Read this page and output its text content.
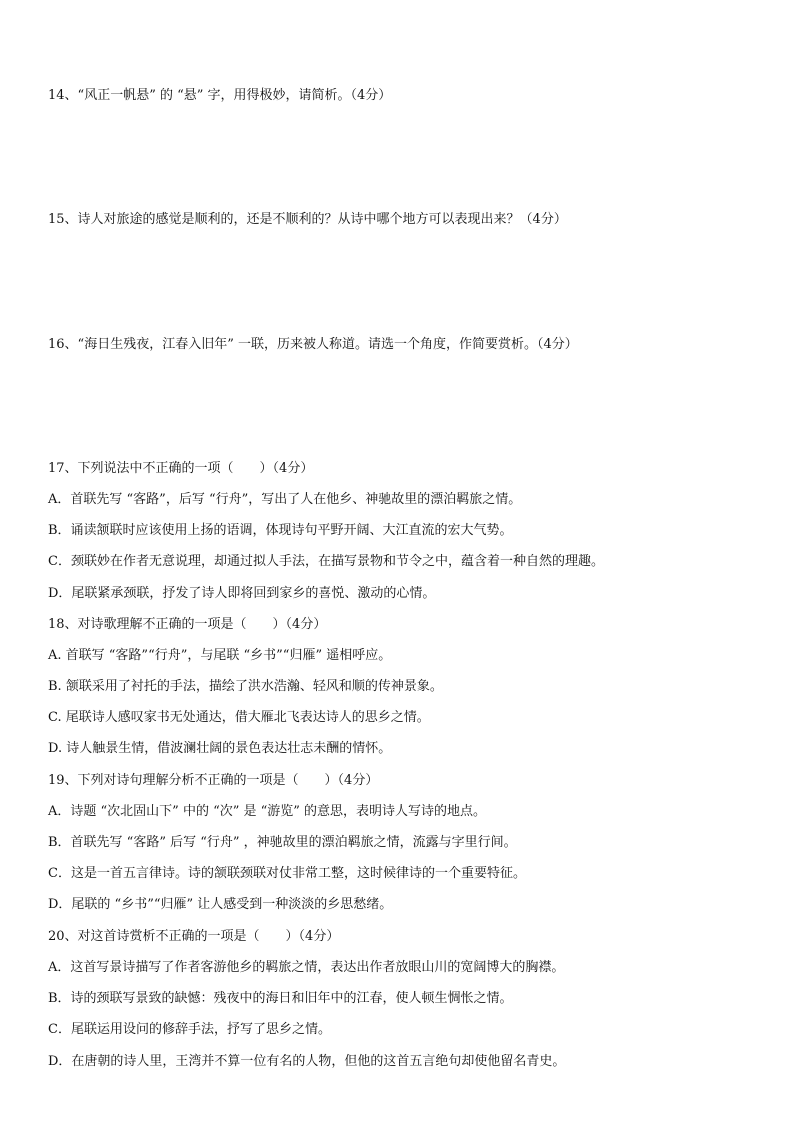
14、“风正一帆悬” 的 “悬” 字，用得极妙，请简析。（4分）
15、诗人对旅途的感觉是顺利的，还是不顺利的？从诗中哪个地方可以表现出来？（4分）
16、“海日生残夜，江春入旧年” 一联，历来被人称道。请选一个角度，作简要赏析。（4分）
17、下列说法中不正确的一项（　　）（4分）
A．首联先写 “客路”，后写 “行舟”，写出了人在他乡、神驰故里的漂泊羁旅之情。
B．诵读颔联时应该使用上扬的语调，体现诗句平野开阔、大江直流的宏大气势。
C．颈联妙在作者无意说理，却通过拟人手法，在描写景物和节令之中，蕴含着一种自然的理趣。
D．尾联紧承颈联，抒发了诗人即将回到家乡的喜悦、激动的心情。
18、对诗歌理解不正确的一项是（　　）（4分）
A. 首联写 “客路”“行舟”，与尾联 “乡书”“归雁” 遥相呼应。
B. 颔联采用了衬托的手法，描绘了洪水浩瀚、轻风和顺的传神景象。
C. 尾联诗人感叹家书无处通达，借大雁北飞表达诗人的思乡之情。
D. 诗人触景生情，借波澜壮阔的景色表达壮志未酬的情怀。
19、下列对诗句理解分析不正确的一项是（　　）（4分）
A．诗题 “次北固山下” 中的 “次” 是 “游览” 的意思，表明诗人写诗的地点。
B．首联先写 “客路” 后写 “行舟” ，神驰故里的漂泊羁旅之情，流露与字里行间。
C．这是一首五言律诗。诗的颔联颈联对仗非常工整，这时候律诗的一个重要特征。
D．尾联的 “乡书”“归雁” 让人感受到一种淡淡的乡思愁绪。
20、对这首诗赏析不正确的一项是（　　）（4分）
A．这首写景诗描写了作者客游他乡的羁旅之情，表达出作者放眼山川的宽阔博大的胸襟。
B．诗的颈联写景致的缺憾：残夜中的海日和旧年中的江春，使人顿生惆怅之情。
C．尾联运用设问的修辞手法，抒写了思乡之情。
D．在唐朝的诗人里，王湾并不算一位有名的人物，但他的这首五言绝句却使他留名青史。
